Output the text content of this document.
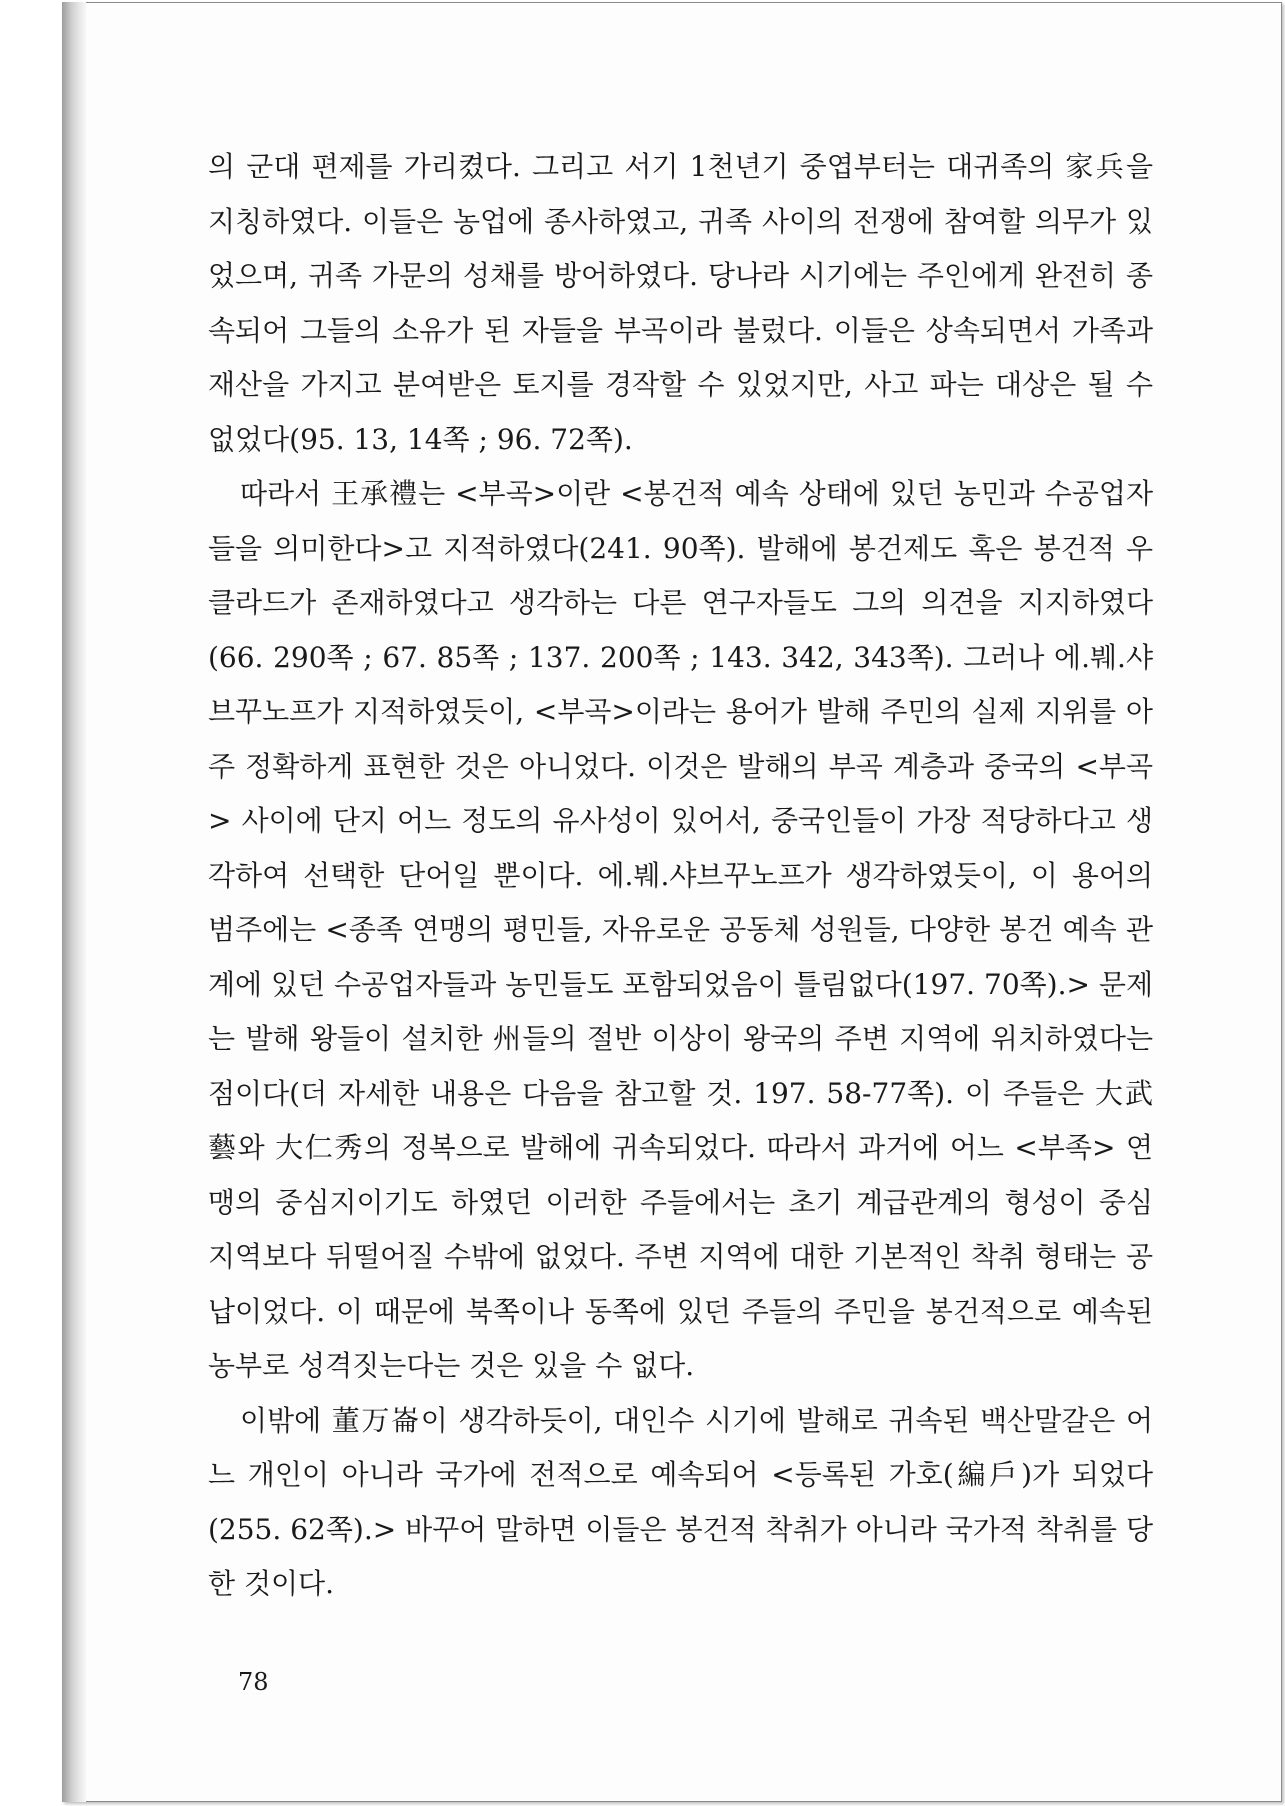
의 군대 편제를 가리켰다. 그리고 서기 1천년기 중엽부터는 대귀족의 家兵을 지칭하였다. 이들은 농업에 종사하였고, 귀족 사이의 전쟁에 참여할 의무가 있었으며, 귀족 가문의 성채를 방어하였다. 당나라 시기에는 주인에게 완전히 종속되어 그들의 소유가 된 자들을 부곡이라 불렀다. 이들은 상속되면서 가족과 재산을 가지고 분여받은 토지를 경작할 수 있었지만, 사고 파는 대상은 될 수 없었다(95. 13, 14쪽 ; 96. 72쪽).

따라서 王承禮는 <부곡>이란 <봉건적 예속 상태에 있던 농민과 수공업자들을 의미한다>고 지적하였다(241. 90쪽). 발해에 봉건제도 혹은 봉건적 우클라드가 존재하였다고 생각하는 다른 연구자들도 그의 의견을 지지하였다(66. 290쪽 ; 67. 85쪽 ; 137. 200쪽 ; 143. 342, 343쪽). 그러나 에.붸.샤브꾸노프가 지적하였듯이, <부곡>이라는 용어가 발해 주민의 실제 지위를 아주 정확하게 표현한 것은 아니었다. 이것은 발해의 부곡 계층과 중국의 <부곡> 사이에 단지 어느 정도의 유사성이 있어서, 중국인들이 가장 적당하다고 생각하여 선택한 단어일 뿐이다. 에.붸.샤브꾸노프가 생각하였듯이, 이 용어의 범주에는 <종족 연맹의 평민들, 자유로운 공동체 성원들, 다양한 봉건 예속 관계에 있던 수공업자들과 농민들도 포함되었음이 틀림없다(197. 70쪽).> 문제는 발해 왕들이 설치한 州들의 절반 이상이 왕국의 주변 지역에 위치하였다는 점이다(더 자세한 내용은 다음을 참고할 것. 197. 58-77쪽). 이 주들은 大武藝와 大仁秀의 정복으로 발해에 귀속되었다. 따라서 과거에 어느 <부족> 연맹의 중심지이기도 하였던 이러한 주들에서는 초기 계급관계의 형성이 중심 지역보다 뒤떨어질 수밖에 없었다. 주변 지역에 대한 기본적인 착취 형태는 공납이었다. 이 때문에 북쪽이나 동쪽에 있던 주들의 주민을 봉건적으로 예속된 농부로 성격짓는다는 것은 있을 수 없다.

이밖에 董万崙이 생각하듯이, 대인수 시기에 발해로 귀속된 백산말갈은 어느 개인이 아니라 국가에 전적으로 예속되어 <등록된 가호(編戶)가 되었다(255. 62쪽).> 바꾸어 말하면 이들은 봉건적 착취가 아니라 국가적 착취를 당한 것이다.

78
